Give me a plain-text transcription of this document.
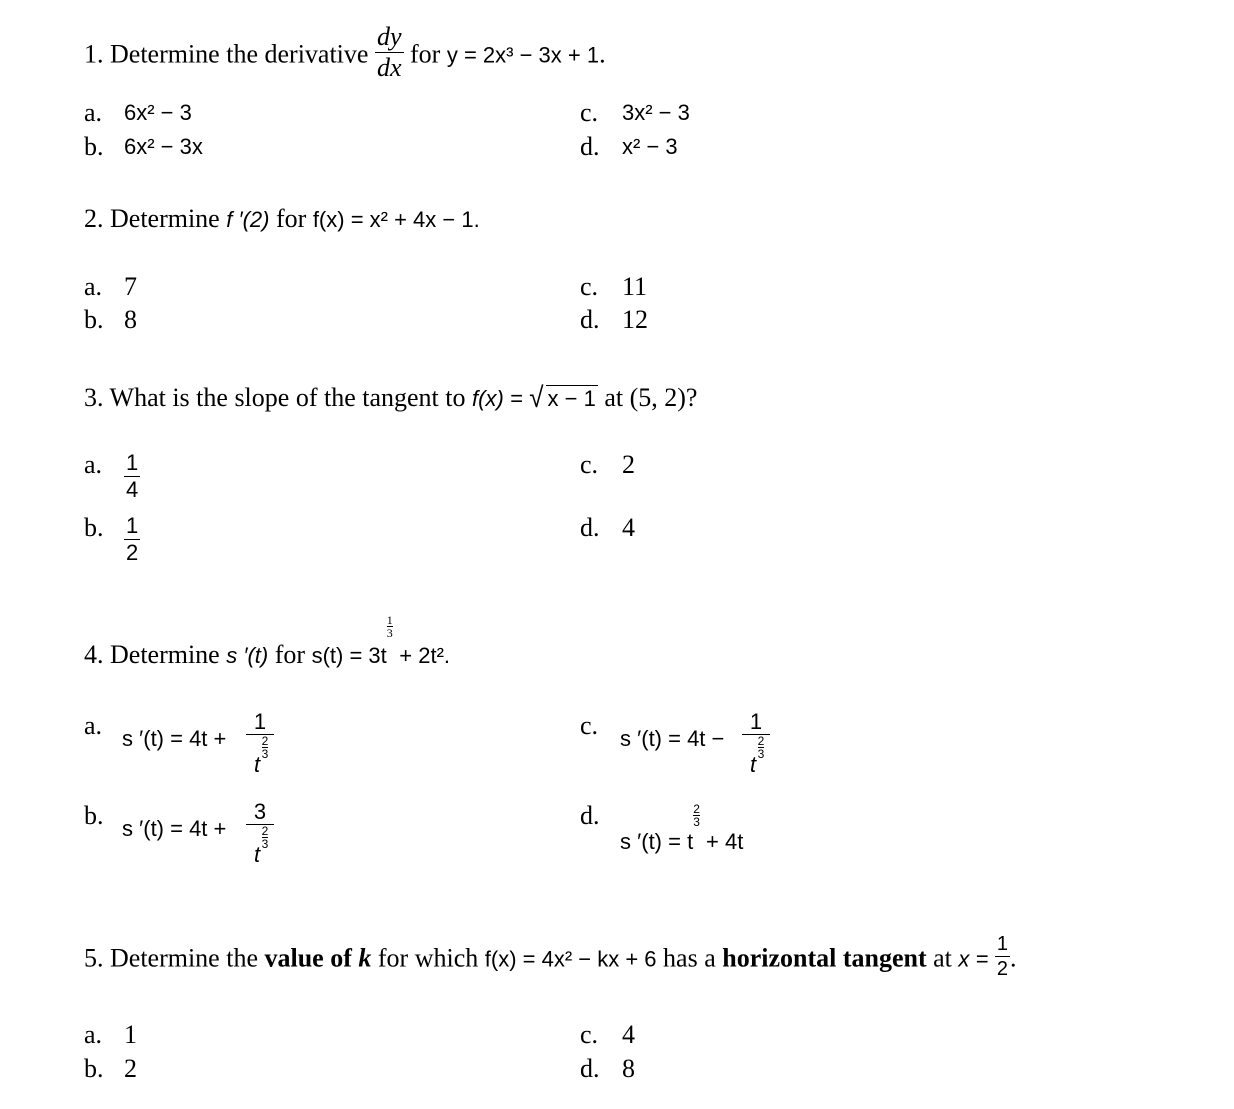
1. Determine the derivative $\frac{dy}{dx}$ for y = 2x³ − 3x + 1.
a. 6x² − 3
b. 6x² − 3x
c. 3x² − 3
d. x² − 3
2. Determine f ′(2) for f(x) = x² + 4x − 1.
a. 7
b. 8
c. 11
d. 12
3. What is the slope of the tangent to f(x) = √ x − 1 at (5, 2)?
a. $\frac{1}{4}$
b. $\frac{1}{2}$
c. 2
d. 4
4. Determine s ′(t) for s(t) = 3t
$\frac{1}{3}$
+ 2t².
a. s ′(t) = 4t +
1
$\frac{2}{3}$
t
b. s ′(t) = 4t +
3
$\frac{2}{3}$
t
c. s ′(t) = 4t −
1
$\frac{2}{3}$
t
d.
s ′(t) = t
$\frac{2}{3}$
+ 4t
5. Determine the value of k for which f(x) = 4x² − kx + 6 has a horizontal tangent at $x = \frac{1}{2}$ .
a. 1
b. 2
c. 4
d. 8
